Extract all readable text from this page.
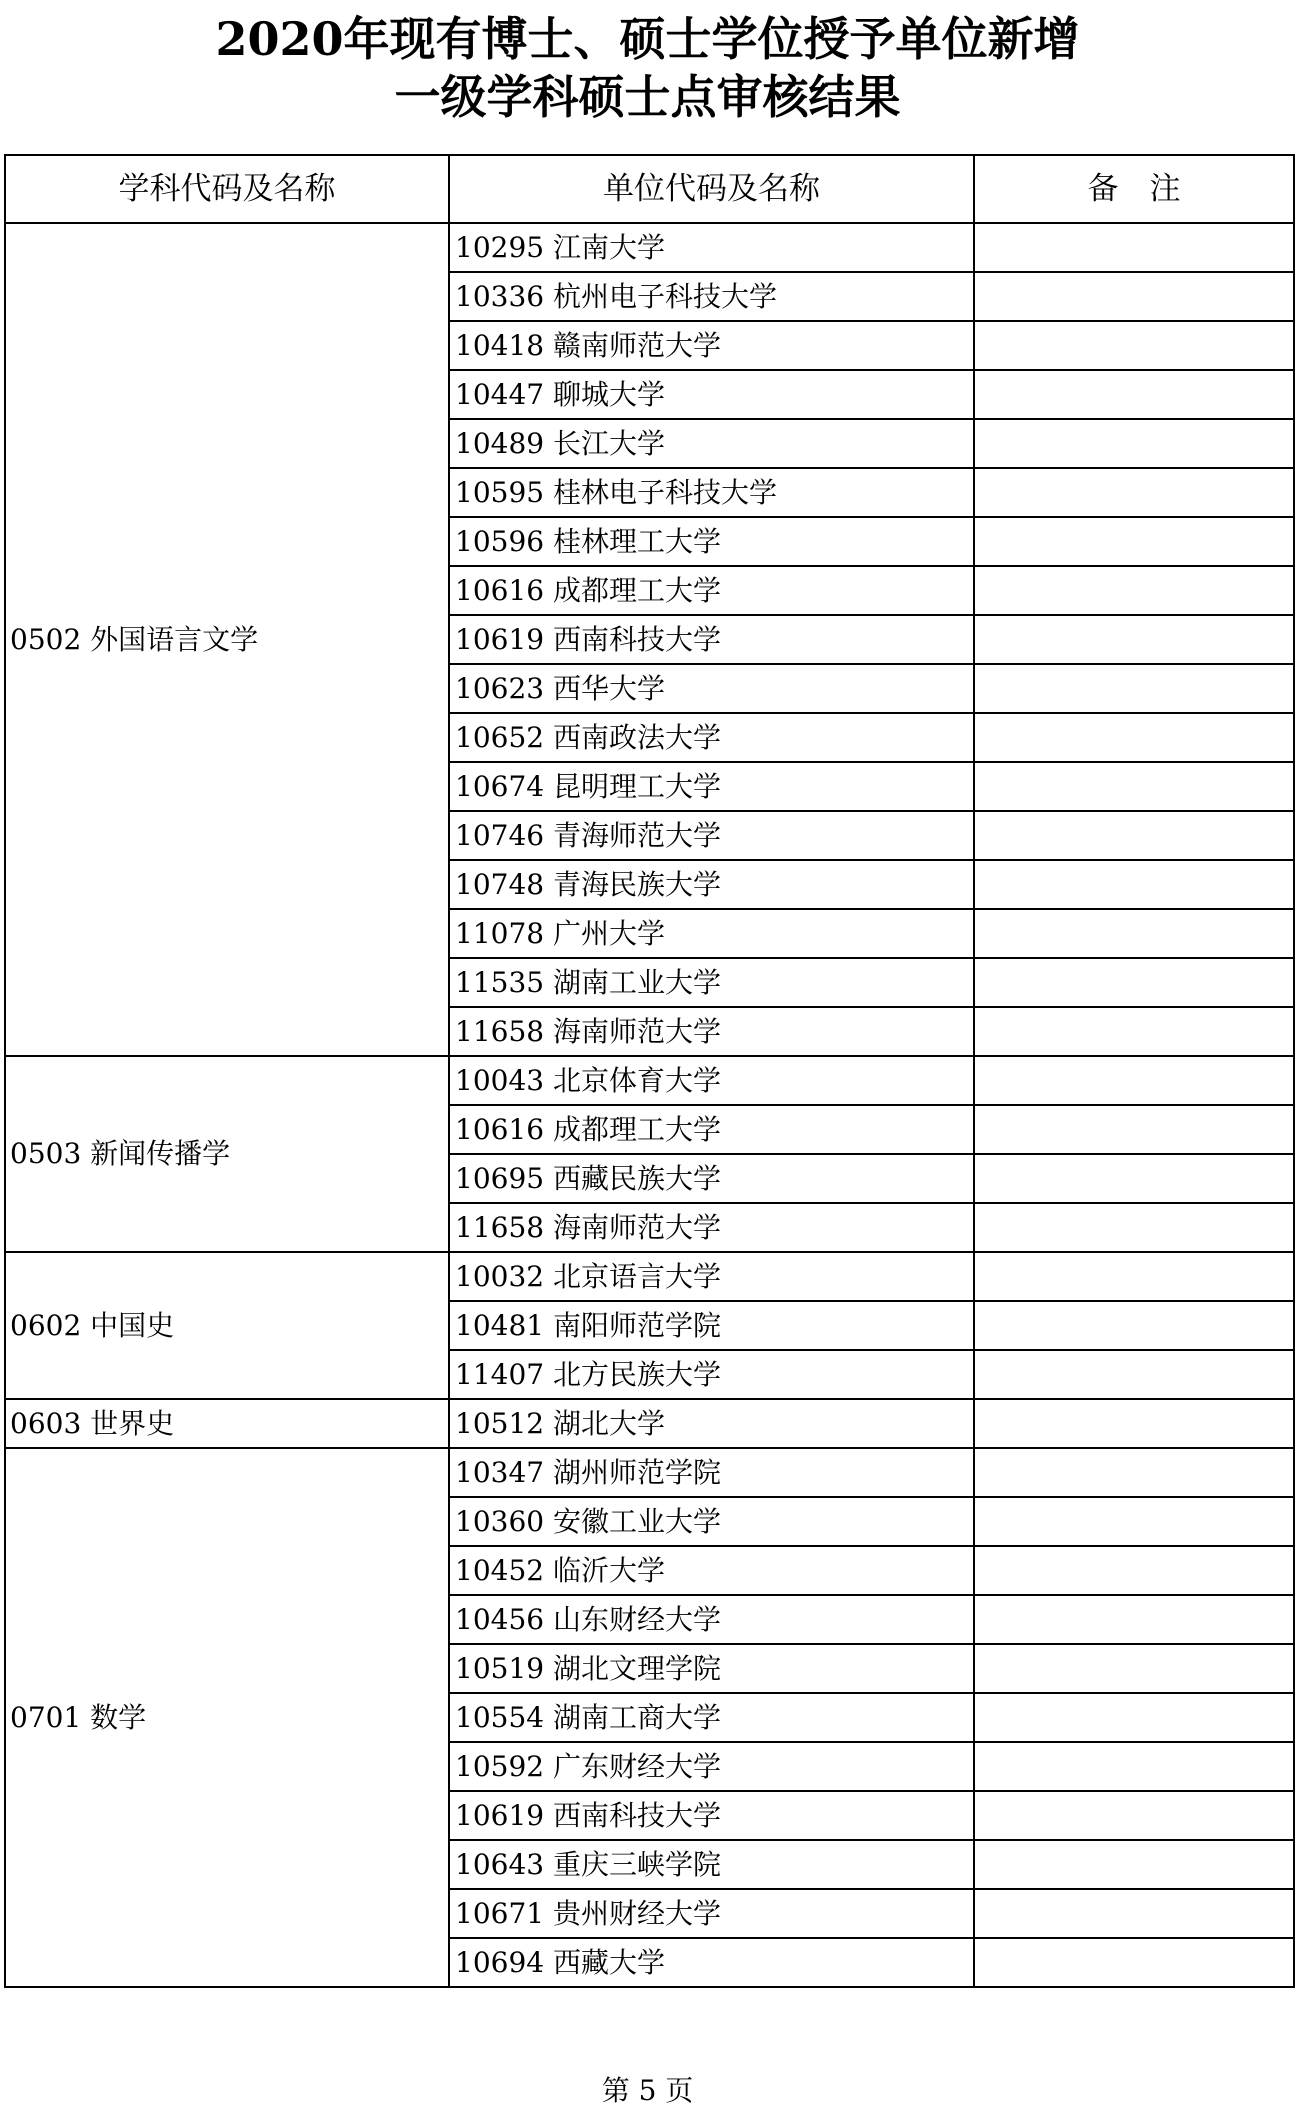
2020年现有博士、硕士学位授予单位新增
一级学科硕士点审核结果
学科代码及名称	单位代码及名称	备　注
0502 外国语言文学	10295 江南大学	
	10336 杭州电子科技大学	
	10418 赣南师范大学	
	10447 聊城大学	
	10489 长江大学	
	10595 桂林电子科技大学	
	10596 桂林理工大学	
	10616 成都理工大学	
	10619 西南科技大学	
	10623 西华大学	
	10652 西南政法大学	
	10674 昆明理工大学	
	10746 青海师范大学	
	10748 青海民族大学	
	11078 广州大学	
	11535 湖南工业大学	
	11658 海南师范大学	
0503 新闻传播学	10043 北京体育大学	
	10616 成都理工大学	
	10695 西藏民族大学	
	11658 海南师范大学	
0602 中国史	10032 北京语言大学	
	10481 南阳师范学院	
	11407 北方民族大学	
0603 世界史	10512 湖北大学	
0701 数学	10347 湖州师范学院	
	10360 安徽工业大学	
	10452 临沂大学	
	10456 山东财经大学	
	10519 湖北文理学院	
	10554 湖南工商大学	
	10592 广东财经大学	
	10619 西南科技大学	
	10643 重庆三峡学院	
	10671 贵州财经大学	
	10694 西藏大学	
第 5 页
